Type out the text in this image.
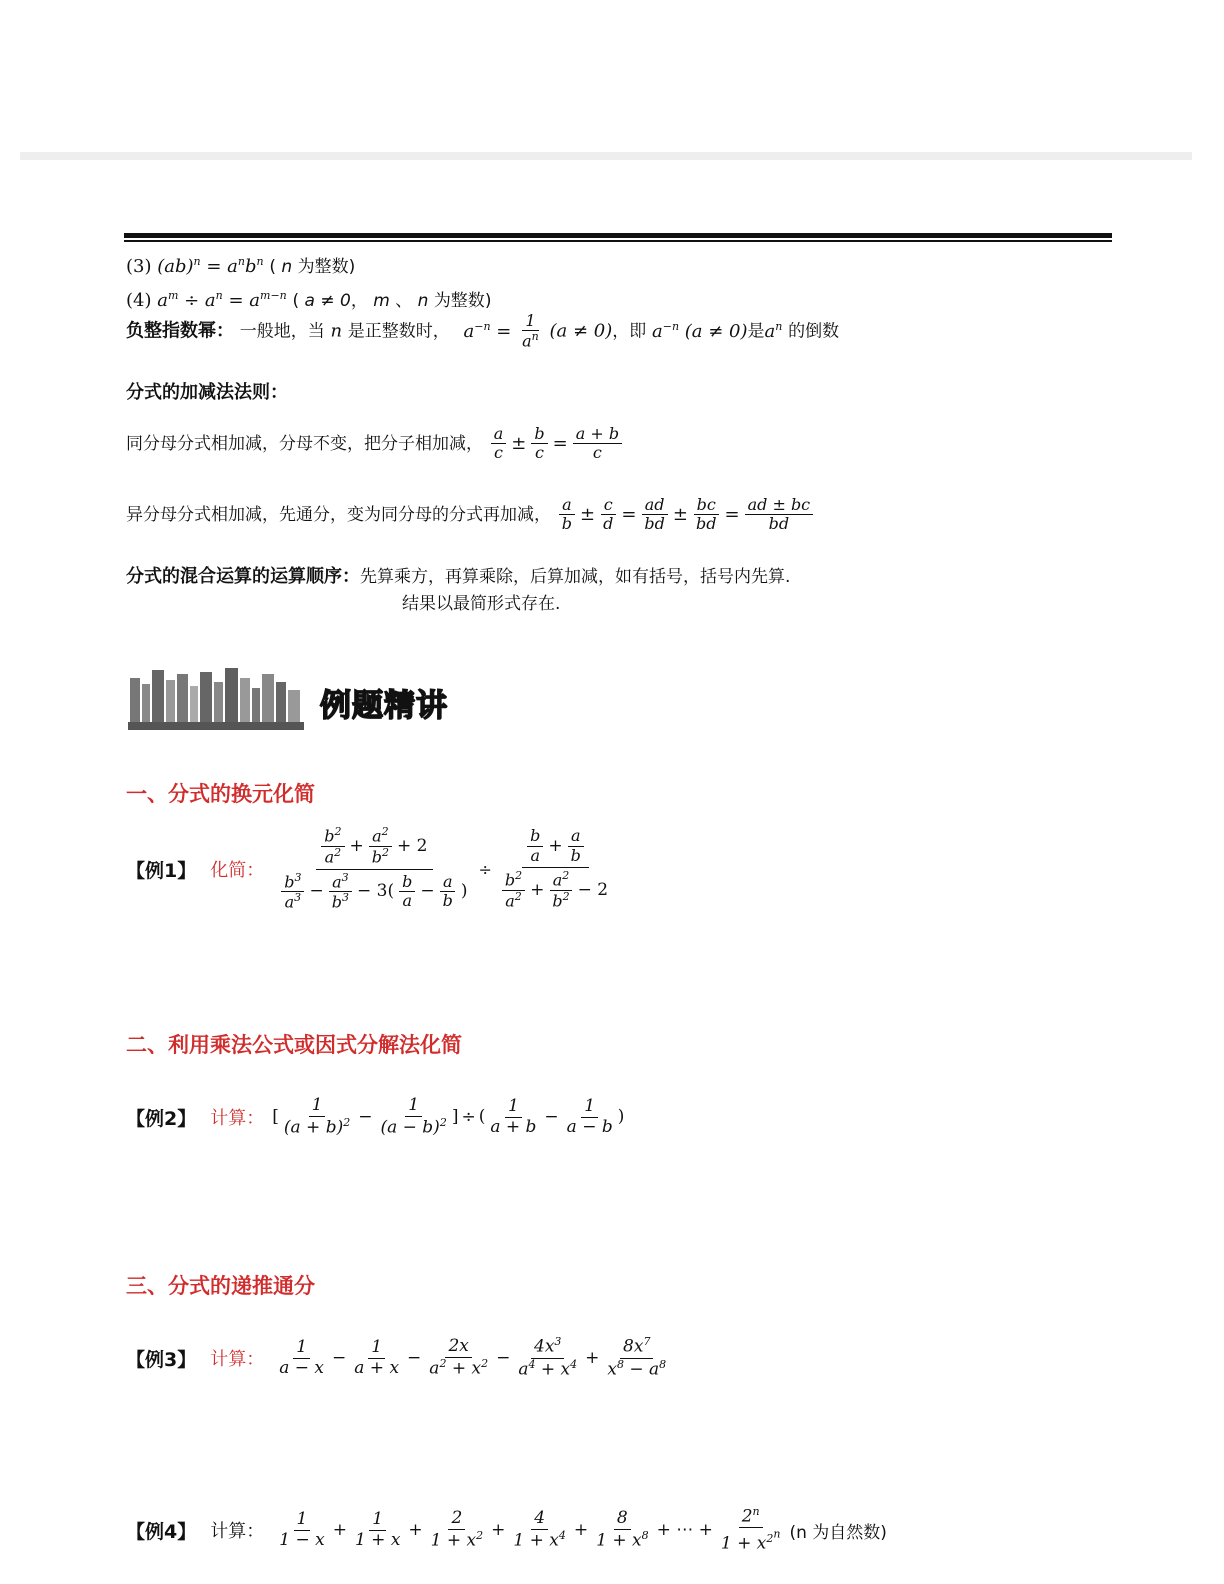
(3) $(ab)^n = a^nb^n$ ( n 为整数)
(4) $a^m \div a^n = a^{m-n}$ ( a ≠ 0， m 、 n 为整数)
负整指数幂： 一般地，当 n 是正整数时， $a^{-n} = \frac{1}{a^n} (a \ne 0)$，即 $a^{-n}$ (a ≠ 0)是$a^n$ 的倒数
分式的加减法法则：
同分母分式相加减，分母不变，把分子相加减， $\frac{a}{c} \pm \frac{b}{c} = \frac{a + b}{c}$
异分母分式相加减，先通分，变为同分母的分式再加减， $\frac{a}{b} \pm \frac{c}{d} = \frac{ad}{bd} \pm \frac{bc}{bd} = \frac{ad \pm bc}{bd}$
分式的混合运算的运算顺序：先算乘方，再算乘除，后算加减，如有括号，括号内先算.
结果以最简形式存在.
例题精讲
一、分式的换元化简
【例1】 化简： $\frac{\frac{b^2}{a^2} + \frac{a^2}{b^2} + 2}{\frac{b^3}{a^3} - \frac{a^3}{b^3} - 3( \frac{b}{a} - \frac{a}{b} )} \div \frac{\frac{b}{a} + \frac{a}{b}}{\frac{b^2}{a^2} + \frac{a^2}{b^2} - 2}$
二、利用乘法公式或因式分解法化简
【例2】 计算： [ $\frac{1}{(a + b)^2} - \frac{1}{(a - b)^2}$ ] ÷ ( $\frac{1}{a + b} - \frac{1}{a - b}$ )
三、分式的递推通分
【例3】 计算： $\frac{1}{a - x} - \frac{1}{a + x} - \frac{2x}{a^2 + x^2} - \frac{4x^3}{a^4 + x^4} + \frac{8x^7}{x^8 - a^8}$
【例4】 计算： $\frac{1}{1 - x} + \frac{1}{1 + x} + \frac{2}{1 + x^2} + \frac{4}{1 + x^4} + \frac{8}{1 + x^8}$ + ⋯ + $\frac{2^n}{1 + x^{2^n}} (n$ 为自然数)
